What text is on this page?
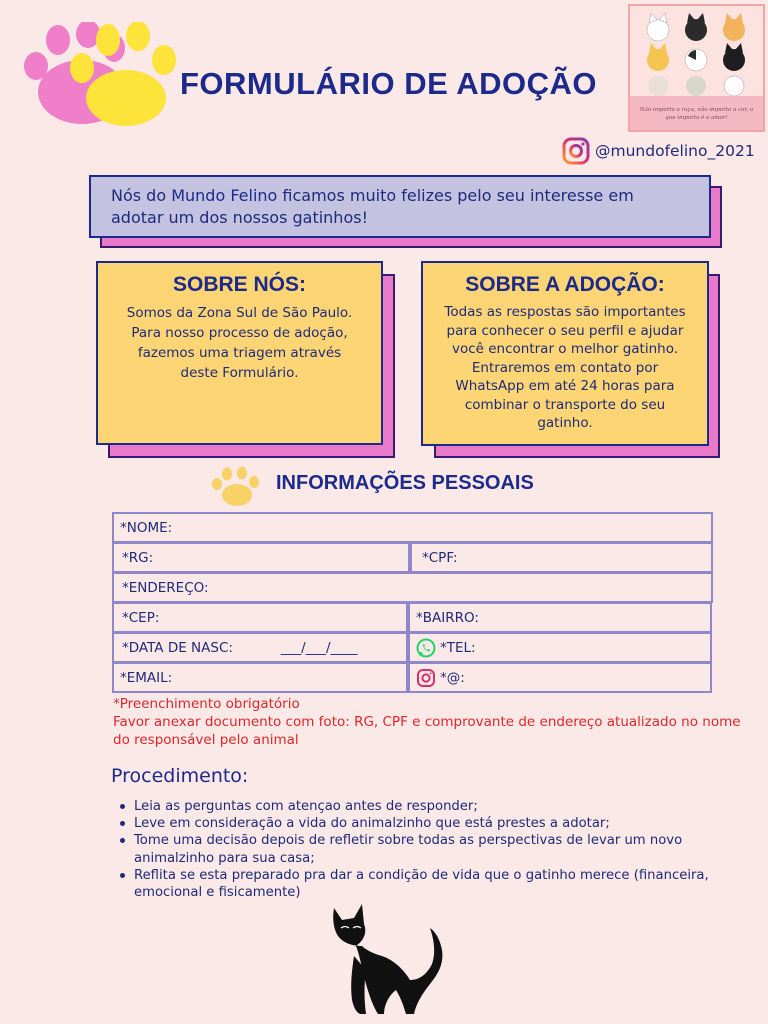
FORMULÁRIO DE ADOÇÃO
Não importa a raça, não importa a cor, o que importa é o amor!
@mundofelino_2021
Nós do Mundo Felino ficamos muito felizes pelo seu interesse em adotar um dos nossos gatinhos!
SOBRE NÓS:
Somos da Zona Sul de São Paulo.
Para nosso processo de adoção, fazemos uma triagem através deste Formulário.
SOBRE A ADOÇÃO:
Todas as respostas são importantes para conhecer o seu perfil e ajudar você encontrar o melhor gatinho. Entraremos em contato por WhatsApp em até 24 horas para combinar o transporte do seu gatinho.
INFORMAÇÕES PESSOAIS
*NOME:
*RG:	*CPF:
*ENDEREÇO:
*CEP:	*BAIRRO:
*DATA DE NASC:	___/___/____	*TEL:
*EMAIL:	*@:
*Preenchimento obrigatório
Favor anexar documento com foto: RG, CPF e comprovante de endereço atualizado no nome do responsável pelo animal
Procedimento:
Leia as perguntas com atençao antes de responder;
Leve em consideração a vida do animalzinho que está prestes a adotar;
Tome uma decisão depois de refletir sobre todas as perspectivas de levar um novo animalzinho para sua casa;
Reflita se esta preparado pra dar a condição de vida que o gatinho merece (financeira, emocional e fisicamente)
